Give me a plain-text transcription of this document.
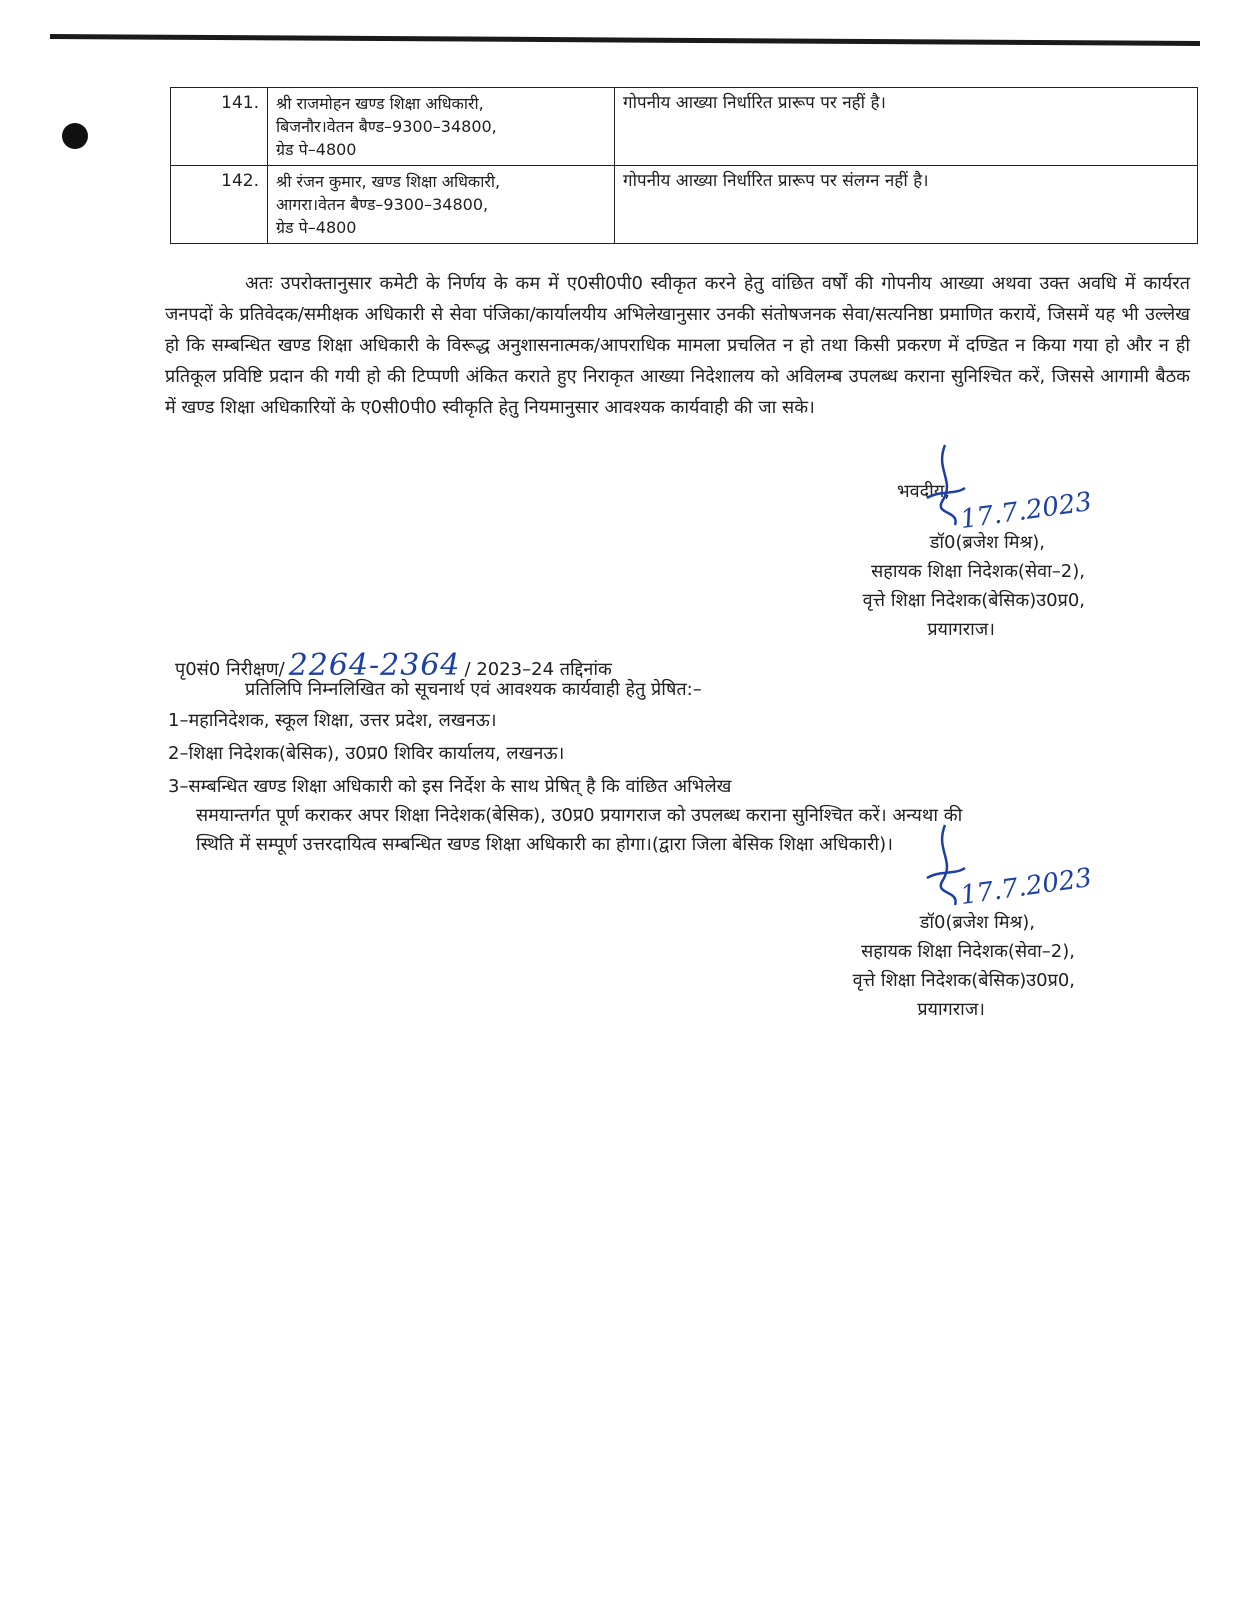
141.	श्री राजमोहन खण्ड शिक्षा अधिकारी,
बिजनौर।वेतन बैण्ड–9300–34800,
ग्रेड पे–4800	गोपनीय आख्या निर्धारित प्रारूप पर नहीं है।
142.	श्री रंजन कुमार, खण्ड शिक्षा अधिकारी,
आगरा।वेतन बैण्ड–9300–34800,
ग्रेड पे–4800	गोपनीय आख्या निर्धारित प्रारूप पर संलग्न नहीं है।

अतः उपरोक्तानुसार कमेटी के निर्णय के कम में ए0सी0पी0 स्वीकृत करने हेतु वांछित वर्षों की गोपनीय आख्या अथवा उक्त अवधि में कार्यरत जनपदों के प्रतिवेदक/समीक्षक अधिकारी से सेवा पंजिका/कार्यालयीय अभिलेखानुसार उनकी संतोषजनक सेवा/सत्यनिष्ठा प्रमाणित करायें, जिसमें यह भी उल्लेख हो कि सम्बन्धित खण्ड शिक्षा अधिकारी के विरूद्ध अनुशासनात्मक/आपराधिक मामला प्रचलित न हो तथा किसी प्रकरण में दण्डित न किया गया हो और न ही प्रतिकूल प्रविष्टि प्रदान की गयी हो की टिप्पणी अंकित कराते हुए निराकृत आख्या निदेशालय को अविलम्ब उपलब्ध कराना सुनिश्चित करें, जिससे आगामी बैठक में खण्ड शिक्षा अधिकारियों के ए0सी0पी0 स्वीकृति हेतु नियमानुसार आवश्यक कार्यवाही की जा सके।

भवदीय,
डॉ0(ब्रजेश मिश्र),
सहायक शिक्षा निदेशक(सेवा–2),
वृत्ते शिक्षा निदेशक(बेसिक)उ0प्र0,
प्रयागराज।
17.7.2023
पृ0सं0 निरीक्षण/ 2264-2364 / 2023–24 तद्दिनांक
प्रतिलिपि निम्नलिखित को सूचनार्थ एवं आवश्यक कार्यवाही हेतु प्रेषित:–
1–महानिदेशक, स्कूल शिक्षा, उत्तर प्रदेश, लखनऊ।
2–शिक्षा निदेशक(बेसिक), उ0प्र0 शिविर कार्यालय, लखनऊ।
3–सम्बन्धित खण्ड शिक्षा अधिकारी को इस निर्देश के साथ प्रेषित् है कि वांछित अभिलेख
समयान्तर्गत पूर्ण कराकर अपर शिक्षा निदेशक(बेसिक), उ0प्र0 प्रयागराज को उपलब्ध कराना सुनिश्चित करें। अन्यथा की स्थिति में सम्पूर्ण उत्तरदायित्व सम्बन्धित खण्ड शिक्षा अधिकारी का होगा।(द्वारा जिला बेसिक शिक्षा अधिकारी)।
17.7.2023
डॉ0(ब्रजेश मिश्र),
सहायक शिक्षा निदेशक(सेवा–2),
वृत्ते शिक्षा निदेशक(बेसिक)उ0प्र0,
प्रयागराज।
